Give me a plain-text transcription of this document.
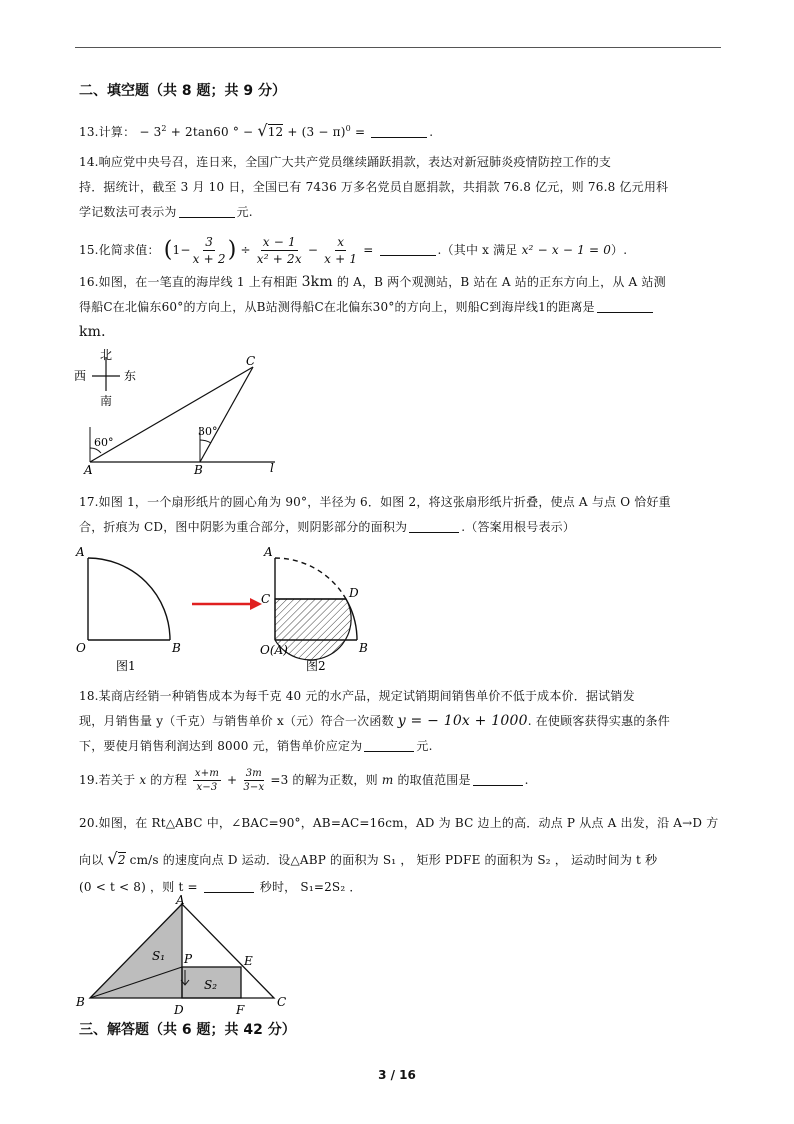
二、填空题（共 8 题；共 9 分）
13.计算： − $3^2 + 2\tan 60$ ° − $√12 + (3 - \pi)^0$ =	.
14.响应党中央号召，连日来，全国广大共产党员继续踊跃捐款，表达对新冠肺炎疫情防控工作的支
持．据统计，截至 3 月 10 日，全国已有 7436 万多名党员自愿捐款，共捐款 76.8 亿元，则 76.8 亿元用科
学记数法可表示为	元.
15.化简求值： ($1- \frac{3}{x + 2}$ ) ÷ $\frac{x - 1}{\text{x² + 2x}} - \frac{x}{x + 1}$ =	.（其中 x 满足 x² − x − 1 = 0）.
16.如图，在一笔直的海岸线 1 上有相距 3km 的 A，B 两个观测站，B 站在 A 站的正东方向上，从 A 站测
得船C在北偏东60°的方向上，从B站测得船C在北偏东30°的方向上，则船C到海岸线1的距离是
km．
北
南
西	东
60°
30°
A	B
C
l
17.如图 1，一个扇形纸片的圆心角为 90°，半径为 6．如图 2，将这张扇形纸片折叠，使点 A 与点 O 恰好重
合，折痕为 CD，图中阴影为重合部分，则阴影部分的面积为	.（答案用根号表示）
A
O	B
图1
A
C	D
O(A)	B
图2
18.某商店经销一种销售成本为每千克 40 元的水产品，规定试销期间销售单价不低于成本价．据试销发
现，月销售量 y（千克）与销售单价 x（元）符合一次函数 y = − 10x + 1000. 在使顾客获得实惠的条件
下，要使月销售利润达到 8000 元，销售单价应定为	元.
19.若关于 x 的方程 $\frac{x+m}{x-3} + \frac{3m}{3-x} =3$ 的解为正数，则 m 的取值范围是	.
20.如图，在 Rt△ABC 中，∠BAC=90°，AB=AC=16cm，AD 为 BC 边上的高．动点 P 从点 A 出发，沿 A→D 方
向以 √2 cm/s 的速度向点 D 运动．设△ABP 的面积为 S₁ ， 矩形 PDFE 的面积为 S₂ ， 运动时间为 t 秒
(0 < t < 8) ，则 t =	秒时， S₁=2S₂ ．
A
B	C
D
E
F
P
S₁
S₂
三、解答题（共 6 题；共 42 分）
3 / 16
